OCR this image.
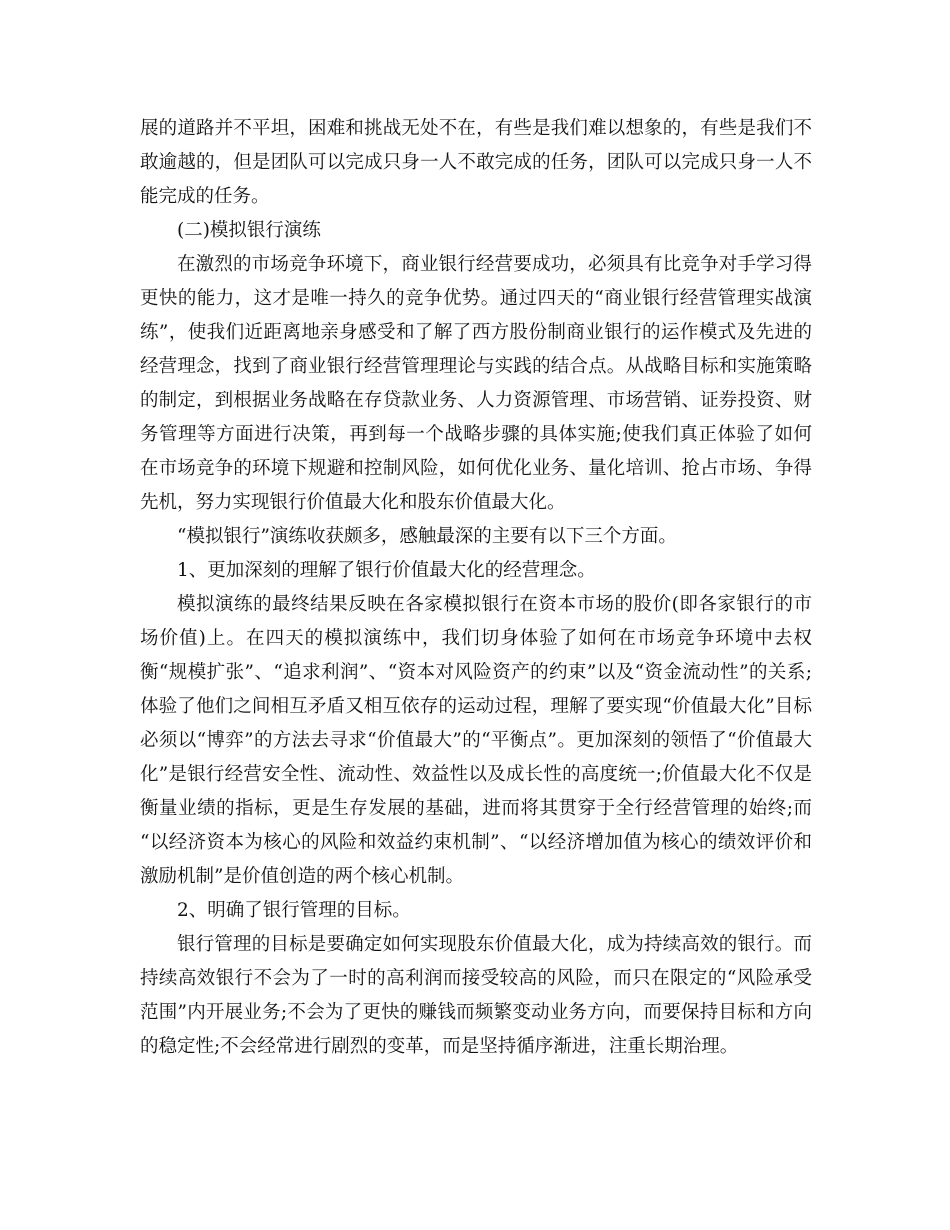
展的道路并不平坦，困难和挑战无处不在，有些是我们难以想象的，有些是我们不敢逾越的，但是团队可以完成只身一人不敢完成的任务，团队可以完成只身一人不能完成的任务。

(二)模拟银行演练

在激烈的市场竞争环境下，商业银行经营要成功，必须具有比竞争对手学习得更快的能力，这才是唯一持久的竞争优势。通过四天的“商业银行经营管理实战演练”，使我们近距离地亲身感受和了解了西方股份制商业银行的运作模式及先进的经营理念，找到了商业银行经营管理理论与实践的结合点。从战略目标和实施策略的制定，到根据业务战略在存贷款业务、人力资源管理、市场营销、证券投资、财务管理等方面进行决策，再到每一个战略步骤的具体实施;使我们真正体验了如何在市场竞争的环境下规避和控制风险，如何优化业务、量化培训、抢占市场、争得先机，努力实现银行价值最大化和股东价值最大化。

“模拟银行”演练收获颇多，感触最深的主要有以下三个方面。

1、更加深刻的理解了银行价值最大化的经营理念。

模拟演练的最终结果反映在各家模拟银行在资本市场的股价(即各家银行的市场价值)上。在四天的模拟演练中，我们切身体验了如何在市场竞争环境中去权衡“规模扩张”、“追求利润”、“资本对风险资产的约束”以及“资金流动性”的关系;体验了他们之间相互矛盾又相互依存的运动过程，理解了要实现“价值最大化”目标必须以“博弈”的方法去寻求“价值最大”的“平衡点”。更加深刻的领悟了“价值最大化”是银行经营安全性、流动性、效益性以及成长性的高度统一;价值最大化不仅是衡量业绩的指标，更是生存发展的基础，进而将其贯穿于全行经营管理的始终;而 “以经济资本为核心的风险和效益约束机制”、“以经济增加值为核心的绩效评价和激励机制”是价值创造的两个核心机制。

2、明确了银行管理的目标。

银行管理的目标是要确定如何实现股东价值最大化，成为持续高效的银行。而持续高效银行不会为了一时的高利润而接受较高的风险，而只在限定的“风险承受范围”内开展业务;不会为了更快的赚钱而频繁变动业务方向，而要保持目标和方向的稳定性;不会经常进行剧烈的变革，而是坚持循序渐进，注重长期治理。
